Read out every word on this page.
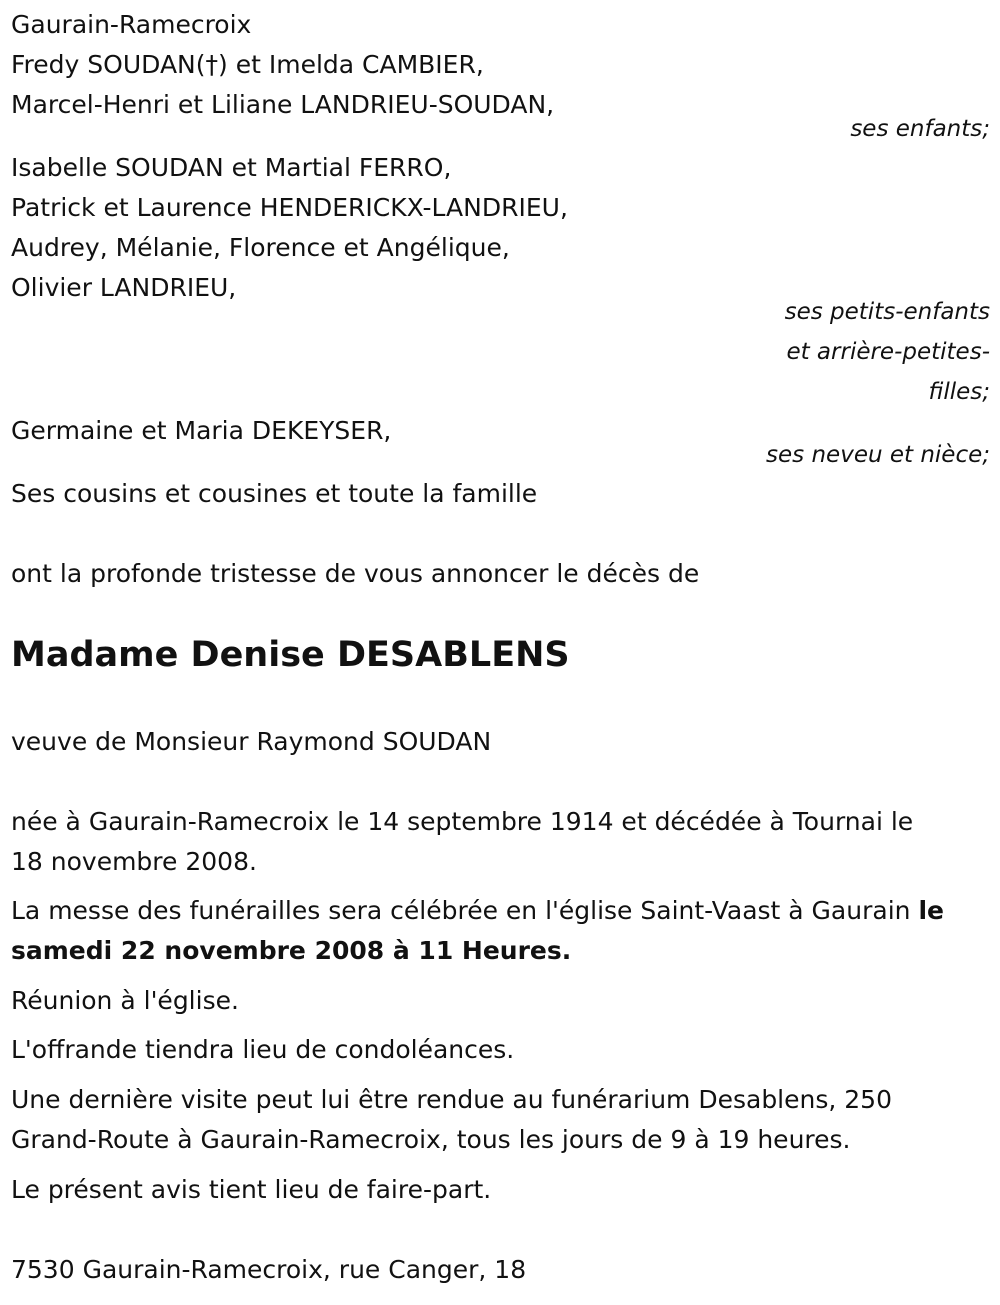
Gaurain-Ramecroix
Fredy SOUDAN(†) et Imelda CAMBIER,
Marcel-Henri et Liliane LANDRIEU-SOUDAN,
ses enfants;
Isabelle SOUDAN et Martial FERRO,
Patrick et Laurence HENDERICKX-LANDRIEU,
Audrey, Mélanie, Florence et Angélique,
Olivier LANDRIEU,
ses petits-enfants
et arrière-petites-
filles;
Germaine et Maria DEKEYSER,
ses neveu et nièce;
Ses cousins et cousines et toute la famille
ont la profonde tristesse de vous annoncer le décès de
Madame Denise DESABLENS
veuve de Monsieur Raymond SOUDAN
née à Gaurain-Ramecroix le 14 septembre 1914 et décédée à Tournai le
18 novembre 2008.
La messe des funérailles sera célébrée en l'église Saint-Vaast à Gaurain le
samedi 22 novembre 2008 à 11 Heures.
Réunion à l'église.
L'offrande tiendra lieu de condoléances.
Une dernière visite peut lui être rendue au funérarium Desablens, 250
Grand-Route à Gaurain-Ramecroix, tous les jours de 9 à 19 heures.
Le présent avis tient lieu de faire-part.
7530 Gaurain-Ramecroix, rue Canger, 18
